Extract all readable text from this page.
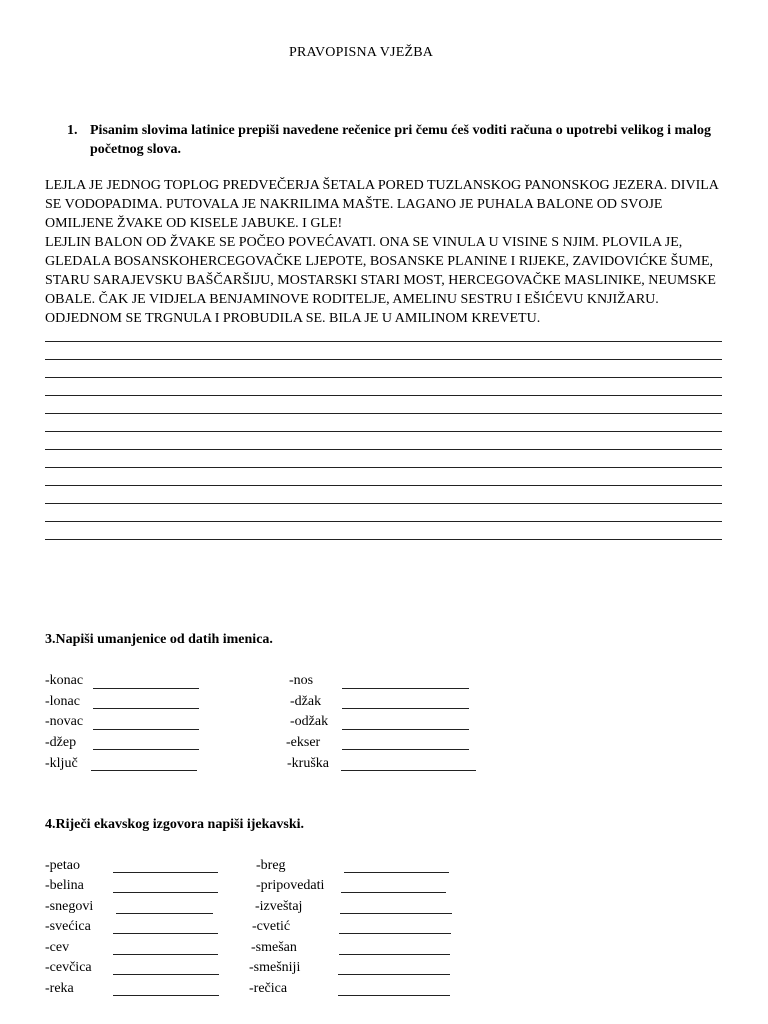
PRAVOPISNA VJEŽBA
1. Pisanim slovima latinice prepiši navedene rečenice pri čemu ćeš voditi računa o upotrebi velikog i malog početnog slova.
LEJLA JE JEDNOG TOPLOG PREDVEČERJA ŠETALA PORED TUZLANSKOG PANONSKOG JEZERA. DIVILA
SE VODOPADIMA. PUTOVALA JE NAKRILIMA MAŠTE. LAGANO JE PUHALA BALONE OD SVOJE
OMILJENE ŽVAKE OD KISELE JABUKE. I GLE!
LEJLIN BALON OD ŽVAKE SE POČEO POVEĆAVATI. ONA SE VINULA U VISINE S NJIM. PLOVILA JE,
GLEDALA BOSANSKOHERCEGOVAČKE LJEPOTE, BOSANSKE PLANINE I RIJEKE, ZAVIDOVIĆKE ŠUME,
STARU SARAJEVSKU BAŠČARŠIJU, MOSTARSKI STARI MOST, HERCEGOVAČKE MASLINIKE, NEUMSKE
OBALE. ČAK JE VIDJELA BENJAMINOVE RODITELJE, AMELINU SESTRU I EŠIĆEVU KNJIŽARU.
ODJEDNOM SE TRGNULA I PROBUDILA SE. BILA JE U AMILINOM KREVETU.
3.Napiši umanjenice od datih imenica.
-konac
-lonac
-novac
-džep
-ključ
-nos
-džak
-odžak
-ekser
-kruška
4.Riječi ekavskog izgovora napiši ijekavski.
-petao
-belina
-snegovi
-svećica
-cev
-cevčica
-reka
-breg
-pripovedati
-izveštaj
-cvetić
-smešan
-smešniji
-rečica
